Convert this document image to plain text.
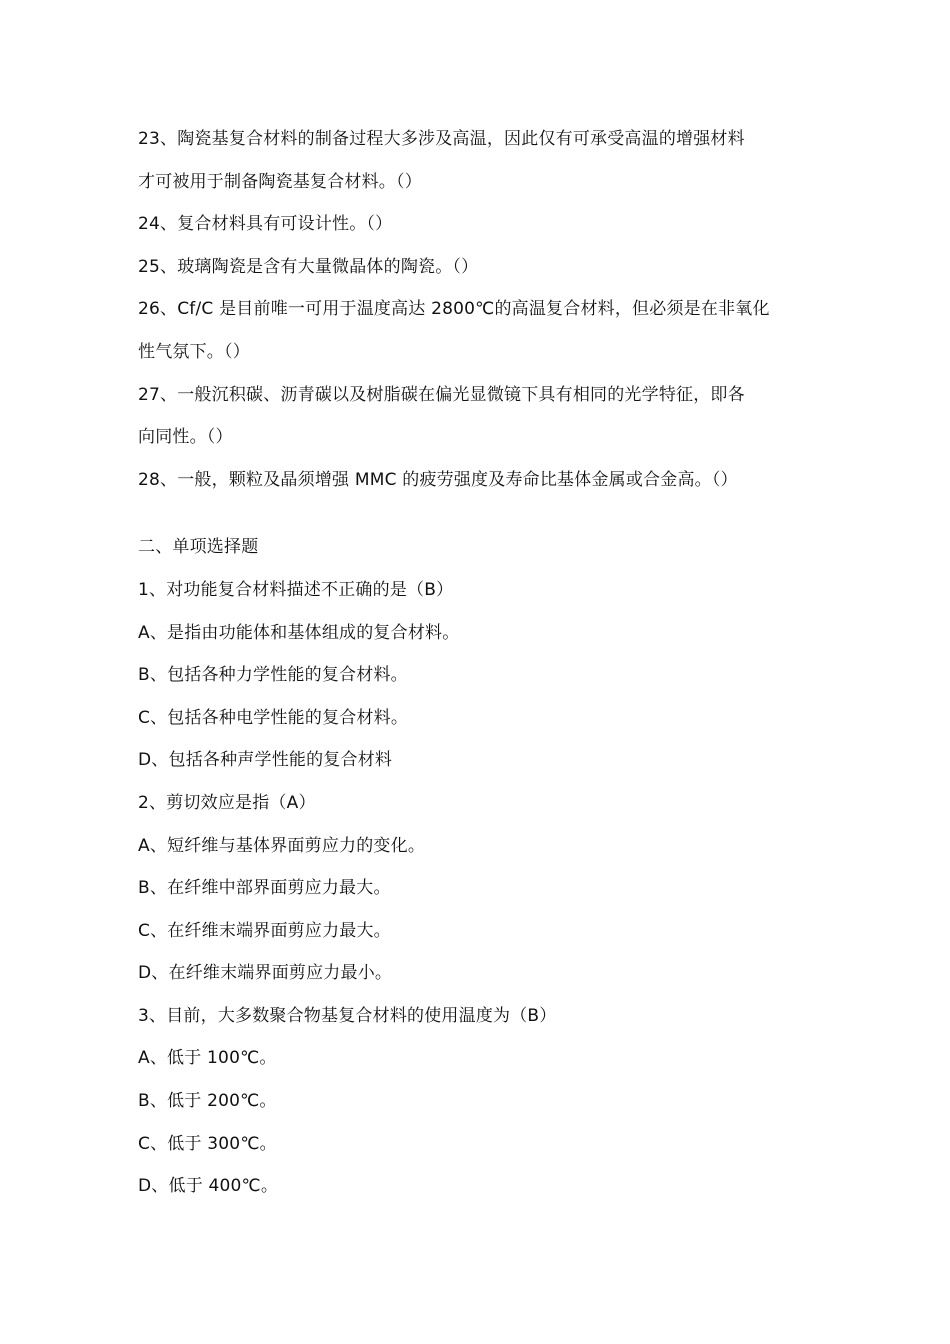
23、陶瓷基复合材料的制备过程大多涉及高温，因此仅有可承受高温的增强材料
才可被用于制备陶瓷基复合材料。（）
24、复合材料具有可设计性。（）
25、玻璃陶瓷是含有大量微晶体的陶瓷。（）
26、Cf/C 是目前唯一可用于温度高达 2800℃的高温复合材料，但必须是在非氧化
性气氛下。（）
27、一般沉积碳、沥青碳以及树脂碳在偏光显微镜下具有相同的光学特征，即各
向同性。（）
28、一般，颗粒及晶须增强 MMC 的疲劳强度及寿命比基体金属或合金高。（）
二、单项选择题
1、对功能复合材料描述不正确的是（B）
A、是指由功能体和基体组成的复合材料。
B、包括各种力学性能的复合材料。
C、包括各种电学性能的复合材料。
D、包括各种声学性能的复合材料
2、剪切效应是指（A）
A、短纤维与基体界面剪应力的变化。
B、在纤维中部界面剪应力最大。
C、在纤维末端界面剪应力最大。
D、在纤维末端界面剪应力最小。
3、目前，大多数聚合物基复合材料的使用温度为（B）
A、低于 100℃。
B、低于 200℃。
C、低于 300℃。
D、低于 400℃。
